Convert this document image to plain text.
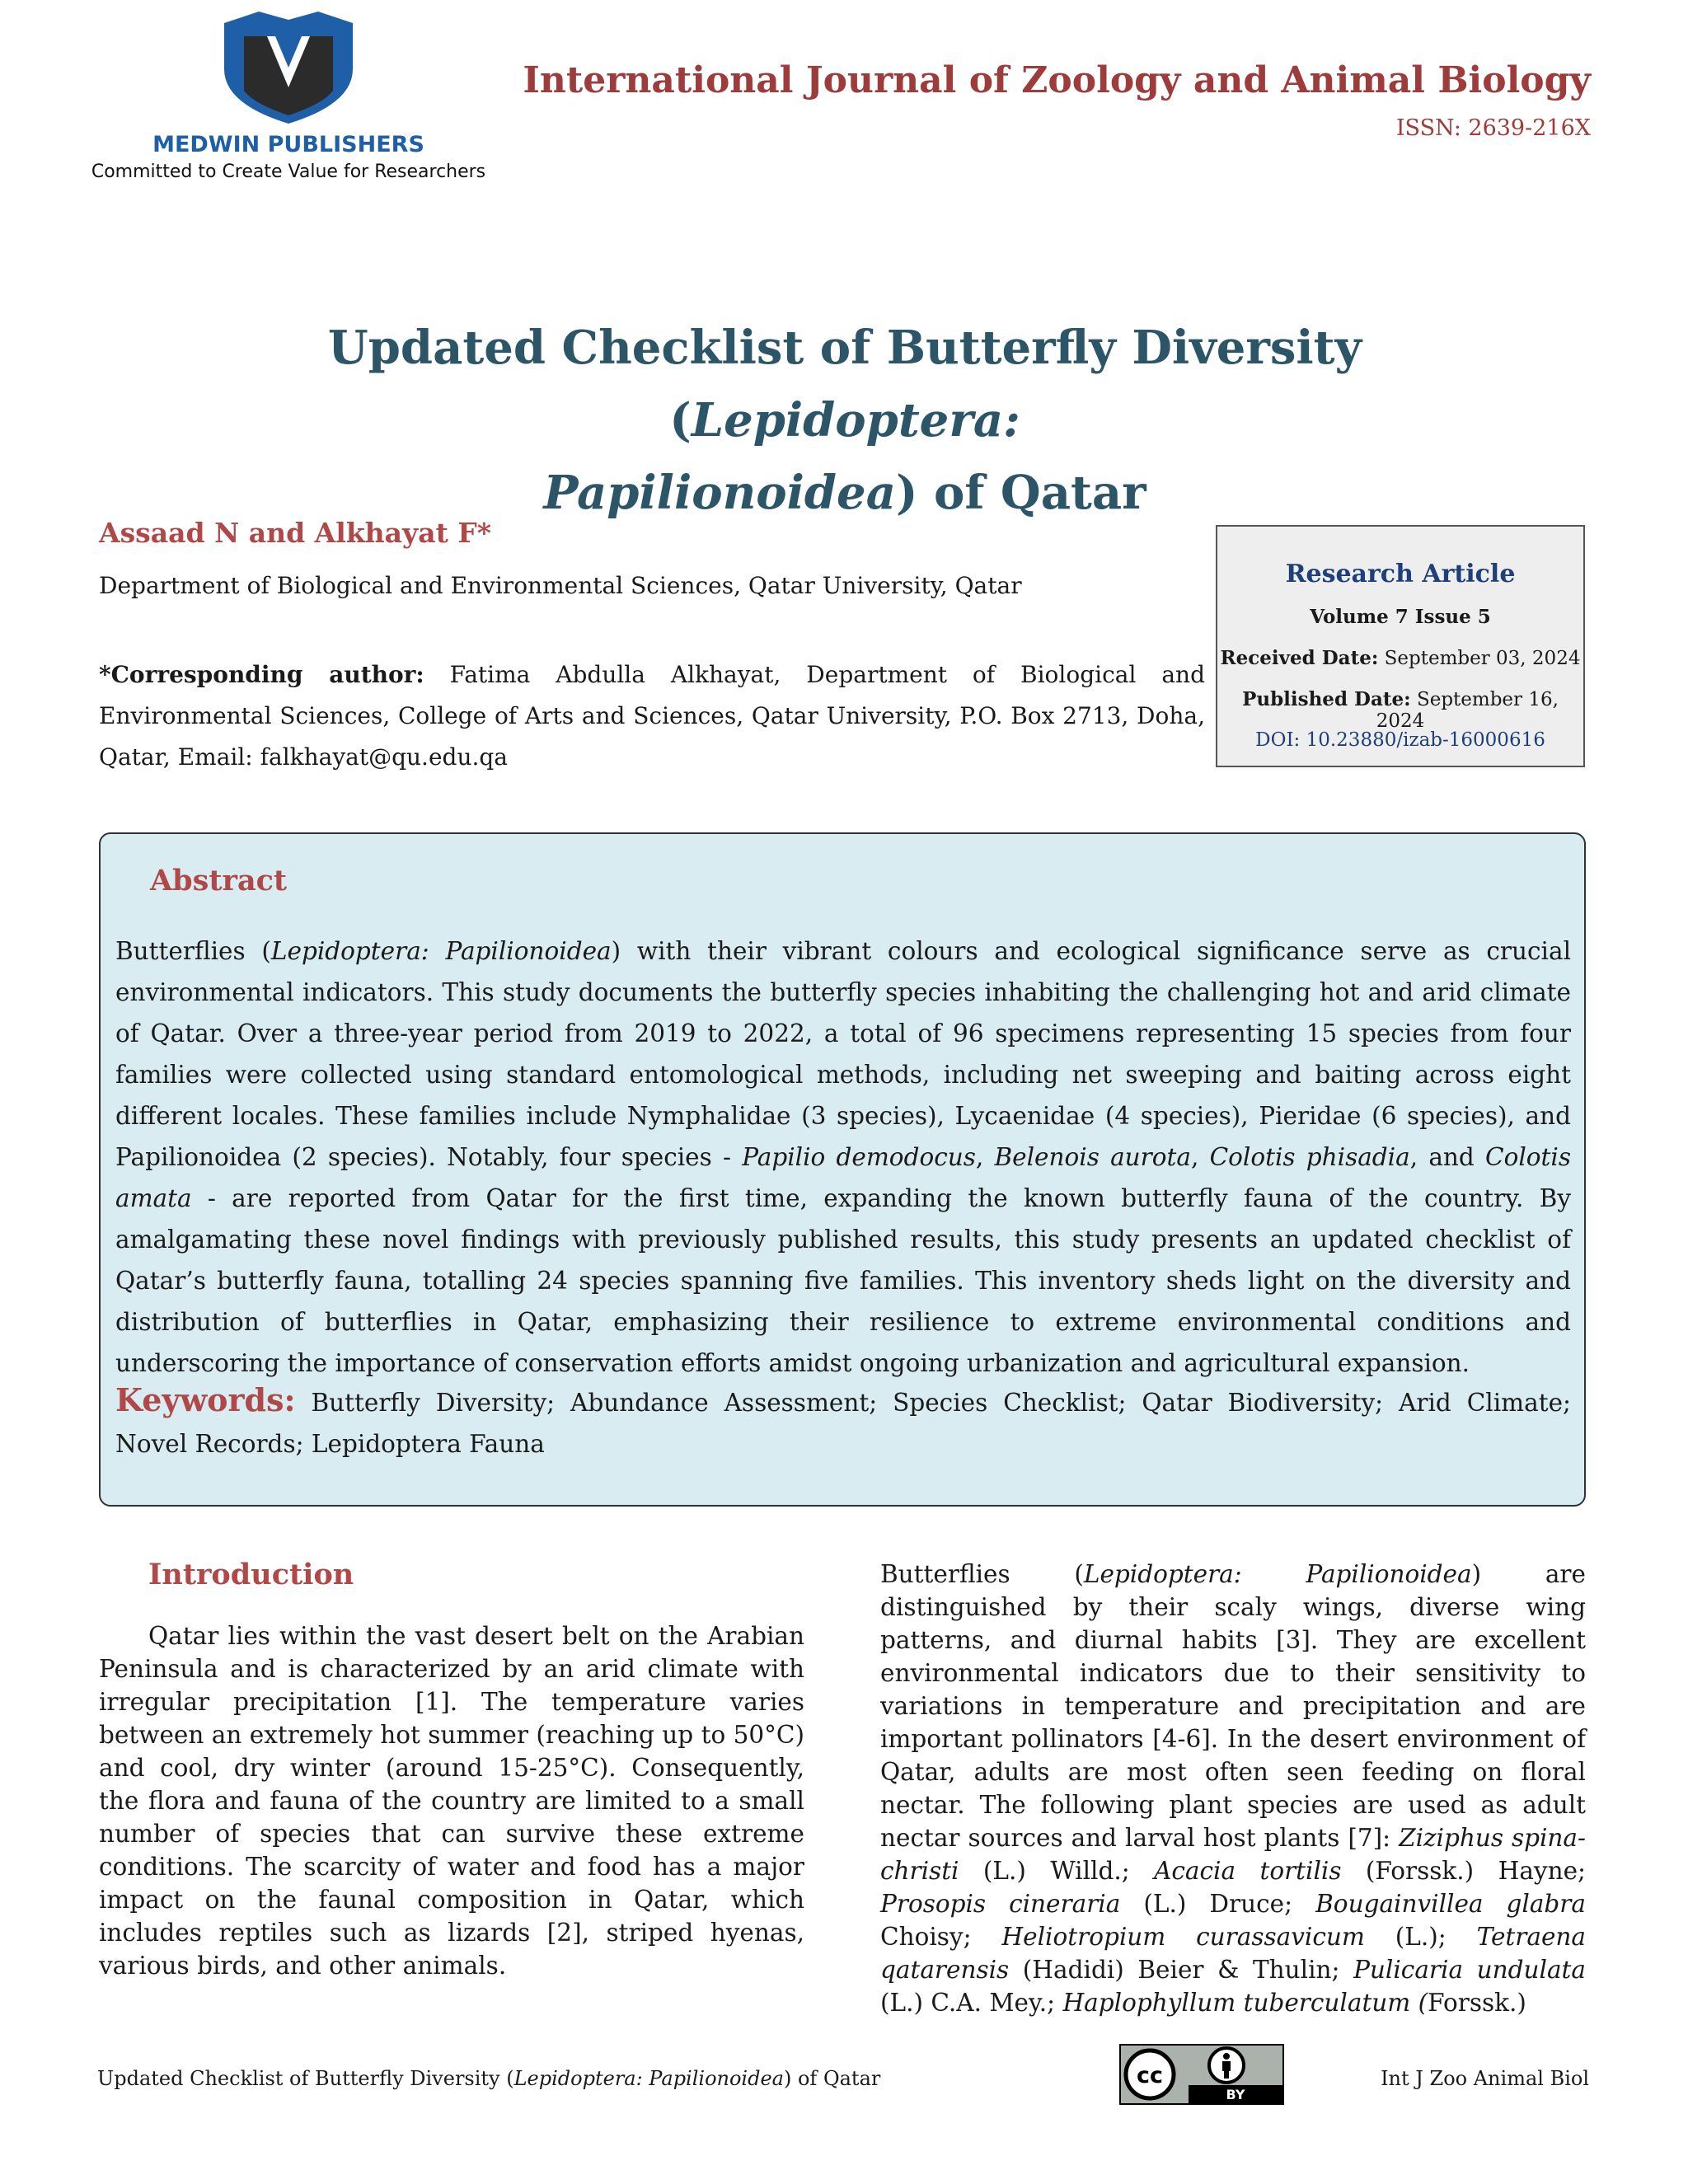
MEDWIN PUBLISHERS
Committed to Create Value for Researchers
International Journal of Zoology and Animal Biology
ISSN: 2639-216X
Updated Checklist of Butterfly Diversity (Lepidoptera:
Papilionoidea) of Qatar
Assaad N and Alkhayat F*
Department of Biological and Environmental Sciences, Qatar University, Qatar
*Corresponding author: Fatima Abdulla Alkhayat, Department of Biological and Environmental Sciences, College of Arts and Sciences, Qatar University, P.O. Box 2713, Doha, Qatar, Email: falkhayat@qu.edu.qa
Research Article
Volume 7 Issue 5
Received Date: September 03, 2024
Published Date: September 16, 2024
DOI: 10.23880/izab-16000616
Abstract
Butterflies (Lepidoptera: Papilionoidea) with their vibrant colours and ecological significance serve as crucial environmental indicators. This study documents the butterfly species inhabiting the challenging hot and arid climate of Qatar. Over a three-year period from 2019 to 2022, a total of 96 specimens representing 15 species from four families were collected using standard entomological methods, including net sweeping and baiting across eight different locales. These families include Nymphalidae (3 species), Lycaenidae (4 species), Pieridae (6 species), and Papilionoidea (2 species). Notably, four species - Papilio demodocus, Belenois aurota, Colotis phisadia, and Colotis amata - are reported from Qatar for the first time, expanding the known butterfly fauna of the country. By amalgamating these novel findings with previously published results, this study presents an updated checklist of Qatar’s butterfly fauna, totalling 24 species spanning five families. This inventory sheds light on the diversity and distribution of butterflies in Qatar, emphasizing their resilience to extreme environmental conditions and underscoring the importance of conservation efforts amidst ongoing urbanization and agricultural expansion.
Keywords: Butterfly Diversity; Abundance Assessment; Species Checklist; Qatar Biodiversity; Arid Climate; Novel Records; Lepidoptera Fauna
Introduction

Qatar lies within the vast desert belt on the Arabian Peninsula and is characterized by an arid climate with irregular precipitation [1]. The temperature varies between an extremely hot summer (reaching up to 50°C) and cool, dry winter (around 15-25°C). Consequently, the flora and fauna of the country are limited to a small number of species that can survive these extreme conditions. The scarcity of water and food has a major impact on the faunal composition in Qatar, which includes reptiles such as lizards [2], striped hyenas, various birds, and other animals.

Butterflies (Lepidoptera: Papilionoidea) are distinguished by their scaly wings, diverse wing patterns, and diurnal habits [3]. They are excellent environmental indicators due to their sensitivity to variations in temperature and precipitation and are important pollinators [4-6]. In the desert environment of Qatar, adults are most often seen feeding on floral nectar. The following plant species are used as adult nectar sources and larval host plants [7]: Ziziphus spina-christi (L.) Willd.; Acacia tortilis (Forssk.) Hayne; Prosopis cineraria (L.) Druce; Bougainvillea glabra Choisy; Heliotropium curassavicum (L.); Tetraena qatarensis (Hadidi) Beier & Thulin; Pulicaria undulata (L.) C.A. Mey.; Haplophyllum tuberculatum (Forssk.)

Updated Checklist of Butterfly Diversity (Lepidoptera: Papilionoidea) of Qatar	cc
BY
Int J Zoo Animal Biol
